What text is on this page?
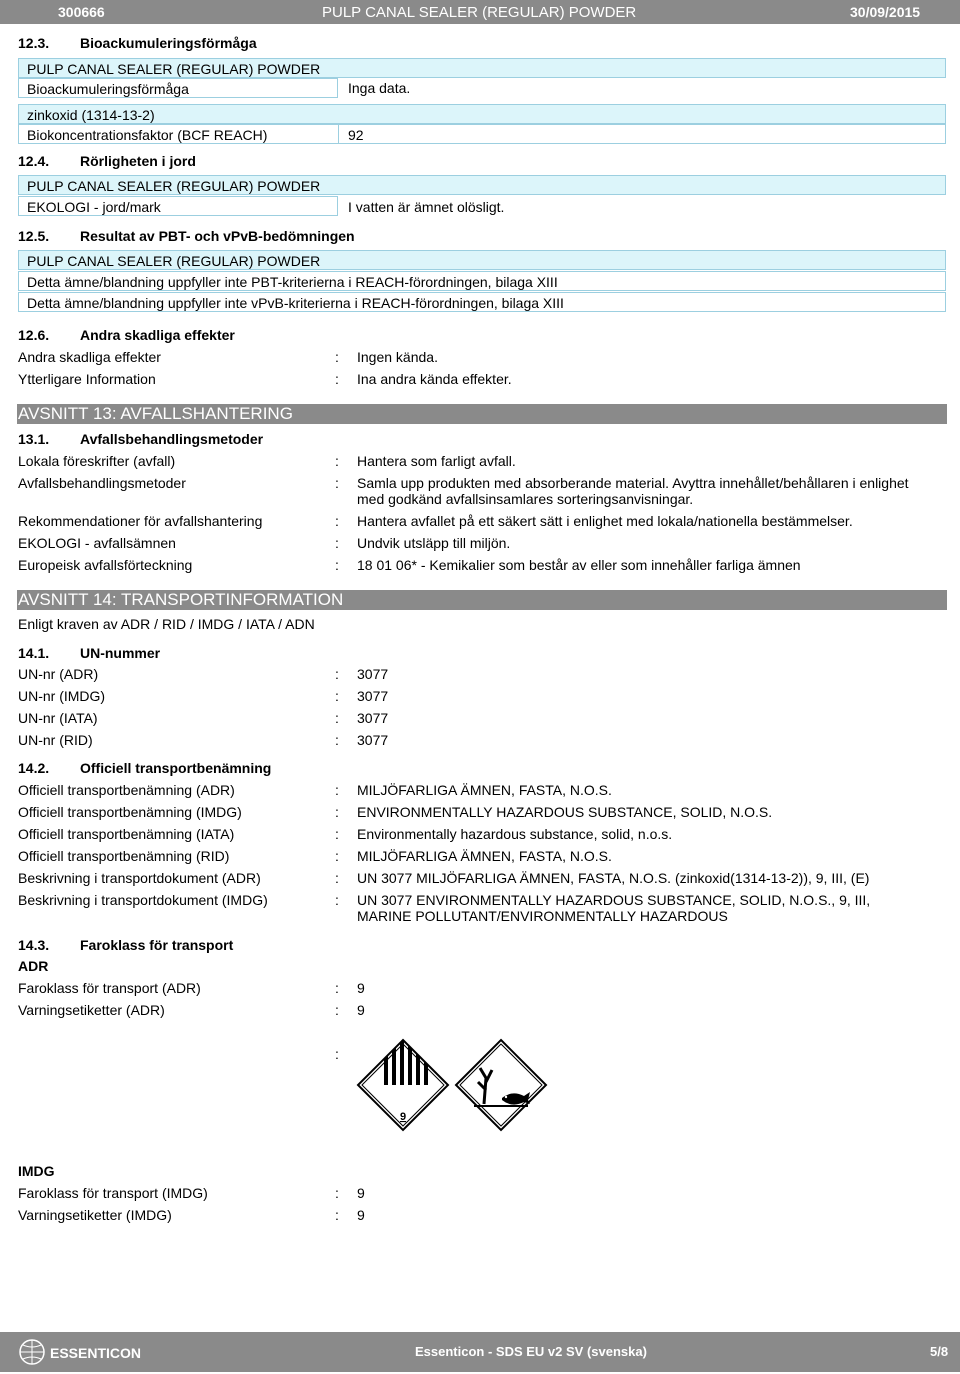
300666	PULP CANAL SEALER (REGULAR) POWDER	30/09/2015
12.3. Bioackumuleringsförmåga
PULP CANAL SEALER (REGULAR) POWDER
Bioackumuleringsförmåga	Inga data.
zinkoxid (1314-13-2)
Biokoncentrationsfaktor (BCF REACH)	92
12.4. Rörligheten i jord
PULP CANAL SEALER (REGULAR) POWDER
EKOLOGI - jord/mark	I vatten är ämnet olösligt.
12.5. Resultat av PBT- och vPvB-bedömningen
PULP CANAL SEALER (REGULAR) POWDER
Detta ämne/blandning uppfyller inte PBT-kriterierna i REACH-förordningen, bilaga XIII
Detta ämne/blandning uppfyller inte vPvB-kriterierna i REACH-förordningen, bilaga XIII
12.6. Andra skadliga effekter
Andra skadliga effekter	: Ingen kända.
Ytterligare Information	: Ina andra kända effekter.
AVSNITT 13: AVFALLSHANTERING
13.1. Avfallsbehandlingsmetoder
Lokala föreskrifter (avfall)	: Hantera som farligt avfall.
Avfallsbehandlingsmetoder	: Samla upp produkten med absorberande material. Avyttra innehållet/behållaren i enlighet
med godkänd avfallsinsamlares sorteringsanvisningar.
Rekommendationer för avfallshantering	: Hantera avfallet på ett säkert sätt i enlighet med lokala/nationella bestämmelser.
EKOLOGI - avfallsämnen	: Undvik utsläpp till miljön.
Europeisk avfallsförteckning	: 18 01 06* - Kemikalier som består av eller som innehåller farliga ämnen
AVSNITT 14: TRANSPORTINFORMATION
Enligt kraven av ADR / RID / IMDG / IATA / ADN
14.1. UN-nummer
UN-nr (ADR)	: 3077
UN-nr (IMDG)	: 3077
UN-nr (IATA)	: 3077
UN-nr (RID)	: 3077
14.2. Officiell transportbenämning
Officiell transportbenämning (ADR)	: MILJÖFARLIGA ÄMNEN, FASTA, N.O.S.
Officiell transportbenämning (IMDG)	: ENVIRONMENTALLY HAZARDOUS SUBSTANCE, SOLID, N.O.S.
Officiell transportbenämning (IATA)	: Environmentally hazardous substance, solid, n.o.s.
Officiell transportbenämning (RID)	: MILJÖFARLIGA ÄMNEN, FASTA, N.O.S.
Beskrivning i transportdokument (ADR)	: UN 3077 MILJÖFARLIGA ÄMNEN, FASTA, N.O.S. (zinkoxid(1314-13-2)), 9, III, (E)
Beskrivning i transportdokument (IMDG)	: UN 3077 ENVIRONMENTALLY HAZARDOUS SUBSTANCE, SOLID, N.O.S., 9, III,
MARINE POLLUTANT/ENVIRONMENTALLY HAZARDOUS
14.3. Faroklass för transport
ADR
Faroklass för transport (ADR)	: 9
Varningsetiketter (ADR)	: 9
:
9
IMDG
Faroklass för transport (IMDG)	: 9
Varningsetiketter (IMDG)	: 9
ESSENTICON	Essenticon - SDS EU v2 SV (svenska)	5/8
